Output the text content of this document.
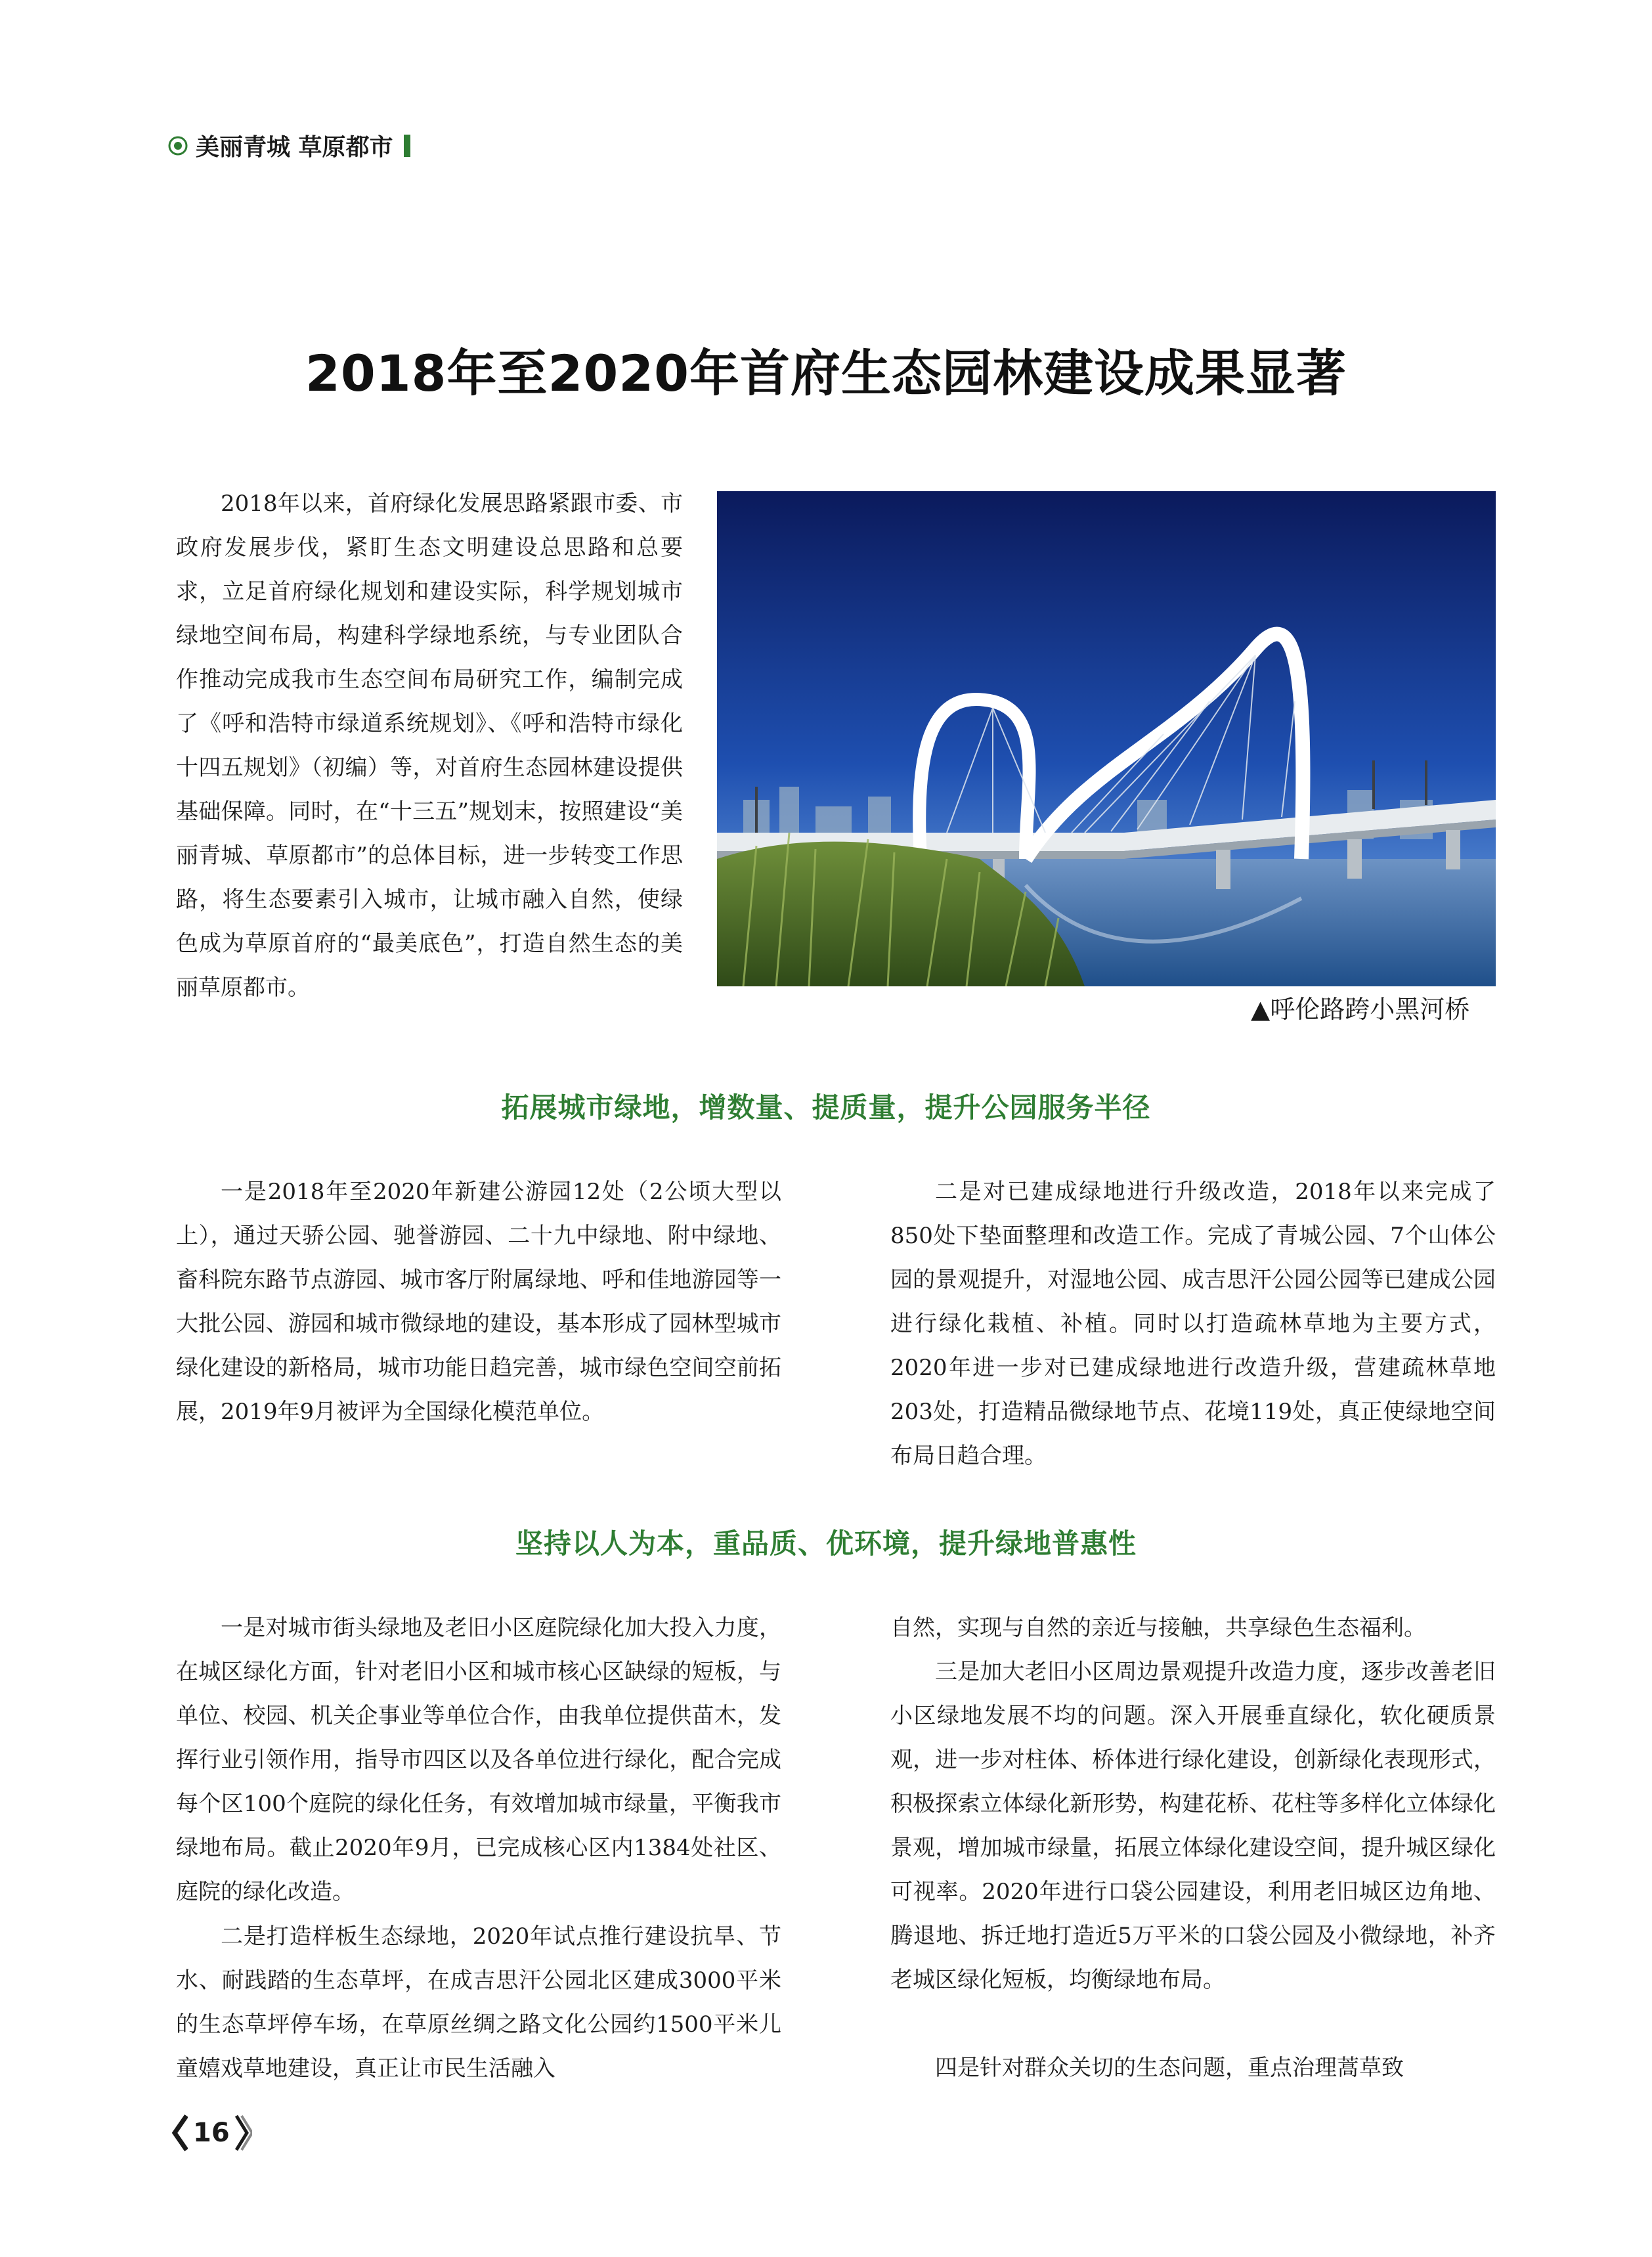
美丽青城 草原都市
2018年至2020年首府生态园林建设成果显著

2018年以来，首府绿化发展思路紧跟市委、市政府发展步伐，紧盯生态文明建设总思路和总要求，立足首府绿化规划和建设实际，科学规划城市绿地空间布局，构建科学绿地系统，与专业团队合作推动完成我市生态空间布局研究工作，编制完成了《呼和浩特市绿道系统规划》、《呼和浩特市绿化十四五规划》（初编）等，对首府生态园林建设提供基础保障。同时，在“十三五”规划末，按照建设“美丽青城、草原都市”的总体目标，进一步转变工作思路，将生态要素引入城市，让城市融入自然，使绿色成为草原首府的“最美底色”，打造自然生态的美丽草原都市。

▲呼伦路跨小黑河桥
拓展城市绿地，增数量、提质量，提升公园服务半径

一是2018年至2020年新建公游园12处（2公顷大型以上），通过天骄公园、驰誉游园、二十九中绿地、附中绿地、畜科院东路节点游园、城市客厅附属绿地、呼和佳地游园等一大批公园、游园和城市微绿地的建设，基本形成了园林型城市绿化建设的新格局，城市功能日趋完善，城市绿色空间空前拓展，2019年9月被评为全国绿化模范单位。

二是对已建成绿地进行升级改造，2018年以来完成了850处下垫面整理和改造工作。完成了青城公园、7个山体公园的景观提升，对湿地公园、成吉思汗公园公园等已建成公园进行绿化栽植、补植。同时以打造疏林草地为主要方式，2020年进一步对已建成绿地进行改造升级，营建疏林草地203处，打造精品微绿地节点、花境119处，真正使绿地空间布局日趋合理。

坚持以人为本，重品质、优环境，提升绿地普惠性

一是对城市街头绿地及老旧小区庭院绿化加大投入力度，在城区绿化方面，针对老旧小区和城市核心区缺绿的短板，与单位、校园、机关企事业等单位合作，由我单位提供苗木，发挥行业引领作用，指导市四区以及各单位进行绿化，配合完成每个区100个庭院的绿化任务，有效增加城市绿量，平衡我市绿地布局。截止2020年9月，已完成核心区内1384处社区、庭院的绿化改造。

二是打造样板生态绿地，2020年试点推行建设抗旱、节水、耐践踏的生态草坪，在成吉思汗公园北区建成3000平米的生态草坪停车场，在草原丝绸之路文化公园约1500平米儿童嬉戏草地建设，真正让市民生活融入

自然，实现与自然的亲近与接触，共享绿色生态福利。

三是加大老旧小区周边景观提升改造力度，逐步改善老旧小区绿地发展不均的问题。深入开展垂直绿化，软化硬质景观，进一步对柱体、桥体进行绿化建设，创新绿化表现形式，积极探索立体绿化新形势，构建花桥、花柱等多样化立体绿化景观，增加城市绿量，拓展立体绿化建设空间，提升城区绿化可视率。2020年进行口袋公园建设，利用老旧城区边角地、腾退地、拆迁地打造近5万平米的口袋公园及小微绿地，补齐老城区绿化短板，均衡绿地布局。

四是针对群众关切的生态问题，重点治理蒿草致

16
